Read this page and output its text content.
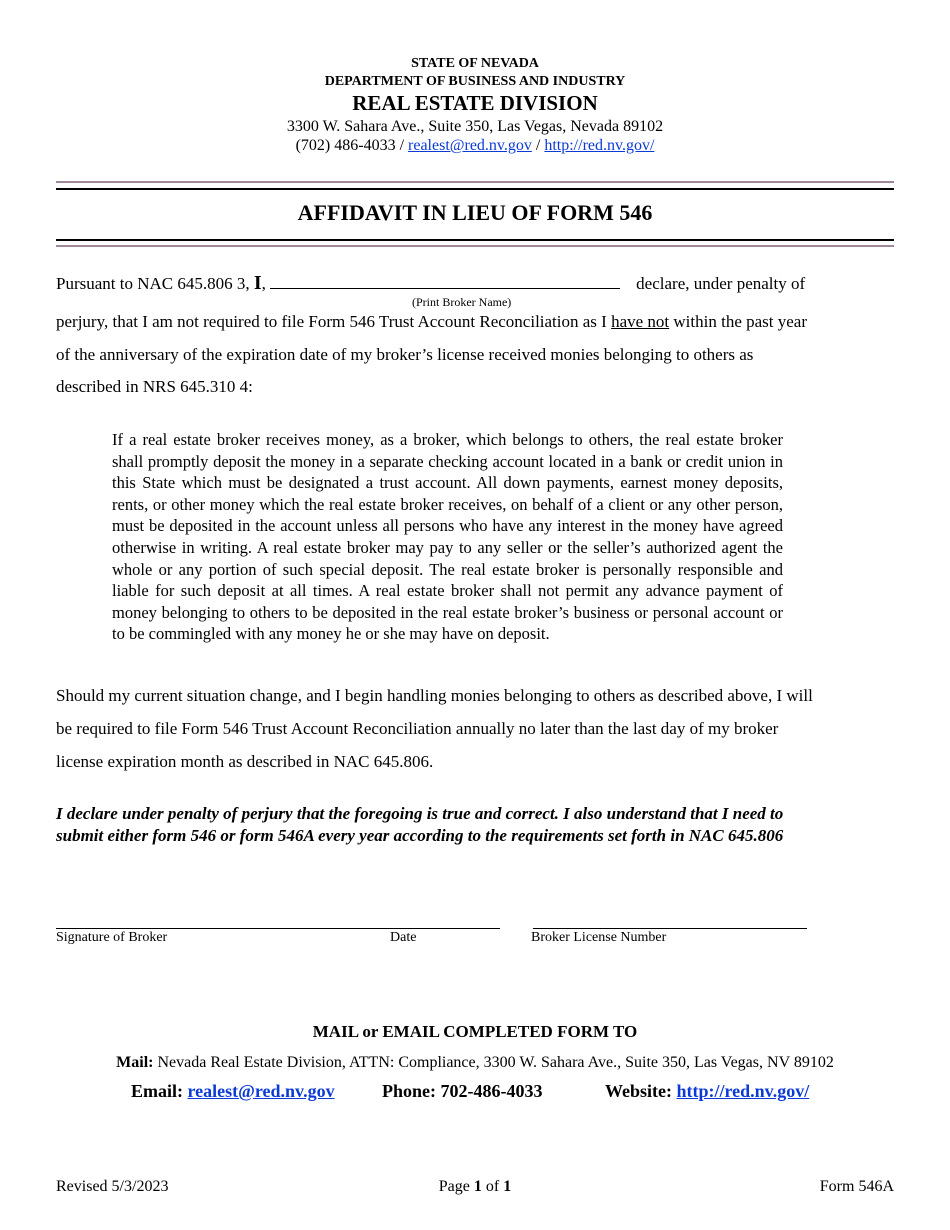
STATE OF NEVADA
DEPARTMENT OF BUSINESS AND INDUSTRY
REAL ESTATE DIVISION
3300 W. Sahara Ave., Suite 350, Las Vegas, Nevada 89102
(702) 486-4033 / realest@red.nv.gov / http://red.nv.gov/
AFFIDAVIT IN LIEU OF FORM 546
Pursuant to NAC 645.806 3, I,	declare, under penalty of
(Print Broker Name)
perjury, that I am not required to file Form 546 Trust Account Reconciliation as I have not within the past year
of the anniversary of the expiration date of my broker’s license received monies belonging to others as
described in NRS 645.310 4:
If a real estate broker receives money, as a broker, which belongs to others, the real estate broker shall promptly deposit the money in a separate checking account located in a bank or credit union in this State which must be designated a trust account. All down payments, earnest money deposits, rents, or other money which the real estate broker receives, on behalf of a client or any other person, must be deposited in the account unless all persons who have any interest in the money have agreed otherwise in writing. A real estate broker may pay to any seller or the seller’s authorized agent the whole or any portion of such special deposit. The real estate broker is personally responsible and liable for such deposit at all times. A real estate broker shall not permit any advance payment of money belonging to others to be deposited in the real estate broker’s business or personal account or to be commingled with any money he or she may have on deposit.
Should my current situation change, and I begin handling monies belonging to others as described above, I will
be required to file Form 546 Trust Account Reconciliation annually no later than the last day of my broker
license expiration month as described in NAC 645.806.
I declare under penalty of perjury that the foregoing is true and correct. I also understand that I need to
submit either form 546 or form 546A every year according to the requirements set forth in NAC 645.806
Signature of Broker	Date	Broker License Number
MAIL or EMAIL COMPLETED FORM TO
Mail: Nevada Real Estate Division, ATTN: Compliance, 3300 W. Sahara Ave., Suite 350, Las Vegas, NV 89102
Email: realest@red.nv.gov	Phone: 702-486-4033	Website: http://red.nv.gov/
Revised 5/3/2023	Page 1 of 1	Form 546A
